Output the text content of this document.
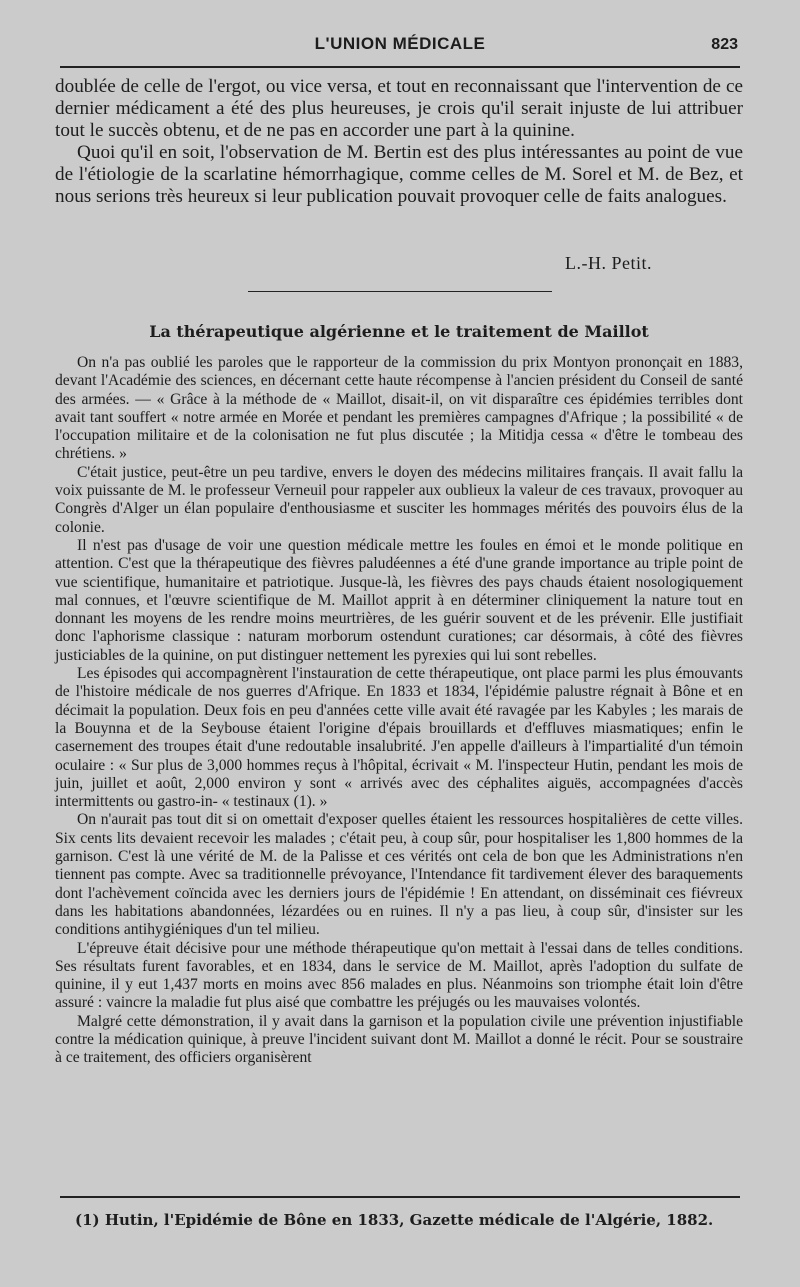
L'UNION MÉDICALE	823

doublée de celle de l'ergot, ou vice versa, et tout en reconnaissant que l'intervention de ce dernier médicament a été des plus heureuses, je crois qu'il serait injuste de lui attribuer tout le succès obtenu, et de ne pas en accorder une part à la quinine.

Quoi qu'il en soit, l'observation de M. Bertin est des plus intéressantes au point de vue de l'étiologie de la scarlatine hémorrhagique, comme celles de M. Sorel et M. de Bez, et nous serions très heureux si leur publication pouvait provoquer celle de faits analogues.

L.-H. Petit.
La thérapeutique algérienne et le traitement de Maillot

On n'a pas oublié les paroles que le rapporteur de la commission du prix Montyon prononçait en 1883, devant l'Académie des sciences, en décernant cette haute récompense à l'ancien président du Conseil de santé des armées. — « Grâce à la méthode de « Maillot, disait-il, on vit disparaître ces épidémies terribles dont avait tant souffert « notre armée en Morée et pendant les premières campagnes d'Afrique ; la possibilité « de l'occupation militaire et de la colonisation ne fut plus discutée ; la Mitidja cessa « d'être le tombeau des chrétiens. »

C'était justice, peut-être un peu tardive, envers le doyen des médecins militaires français. Il avait fallu la voix puissante de M. le professeur Verneuil pour rappeler aux oublieux la valeur de ces travaux, provoquer au Congrès d'Alger un élan populaire d'enthousiasme et susciter les hommages mérités des pouvoirs élus de la colonie.

Il n'est pas d'usage de voir une question médicale mettre les foules en émoi et le monde politique en attention. C'est que la thérapeutique des fièvres paludéennes a été d'une grande importance au triple point de vue scientifique, humanitaire et patriotique. Jusque-là, les fièvres des pays chauds étaient nosologiquement mal connues, et l'œuvre scientifique de M. Maillot apprit à en déterminer cliniquement la nature tout en donnant les moyens de les rendre moins meurtrières, de les guérir souvent et de les prévenir. Elle justifiait donc l'aphorisme classique : naturam morborum ostendunt curationes; car désormais, à côté des fièvres justiciables de la quinine, on put distinguer nettement les pyrexies qui lui sont rebelles.

Les épisodes qui accompagnèrent l'instauration de cette thérapeutique, ont place parmi les plus émouvants de l'histoire médicale de nos guerres d'Afrique. En 1833 et 1834, l'épidémie palustre régnait à Bône et en décimait la population. Deux fois en peu d'années cette ville avait été ravagée par les Kabyles ; les marais de la Bouynna et de la Seybouse étaient l'origine d'épais brouillards et d'effluves miasmatiques; enfin le casernement des troupes était d'une redoutable insalubrité. J'en appelle d'ailleurs à l'impartialité d'un témoin oculaire : « Sur plus de 3,000 hommes reçus à l'hôpital, écrivait « M. l'inspecteur Hutin, pendant les mois de juin, juillet et août, 2,000 environ y sont « arrivés avec des céphalites aiguës, accompagnées d'accès intermittents ou gastro-in- « testinaux (1). »

On n'aurait pas tout dit si on omettait d'exposer quelles étaient les ressources hospitalières de cette villes. Six cents lits devaient recevoir les malades ; c'était peu, à coup sûr, pour hospitaliser les 1,800 hommes de la garnison. C'est là une vérité de M. de la Palisse et ces vérités ont cela de bon que les Administrations n'en tiennent pas compte. Avec sa traditionnelle prévoyance, l'Intendance fit tardivement élever des baraquements dont l'achèvement coïncida avec les derniers jours de l'épidémie ! En attendant, on disséminait ces fiévreux dans les habitations abandonnées, lézardées ou en ruines. Il n'y a pas lieu, à coup sûr, d'insister sur les conditions antihygiéniques d'un tel milieu.

L'épreuve était décisive pour une méthode thérapeutique qu'on mettait à l'essai dans de telles conditions. Ses résultats furent favorables, et en 1834, dans le service de M. Maillot, après l'adoption du sulfate de quinine, il y eut 1,437 morts en moins avec 856 malades en plus. Néanmoins son triomphe était loin d'être assuré : vaincre la maladie fut plus aisé que combattre les préjugés ou les mauvaises volontés.

Malgré cette démonstration, il y avait dans la garnison et la population civile une prévention injustifiable contre la médication quinique, à preuve l'incident suivant dont M. Maillot a donné le récit. Pour se soustraire à ce traitement, des officiers organisèrent

(1) Hutin, l'Epidémie de Bône en 1833, Gazette médicale de l'Algérie, 1882.
